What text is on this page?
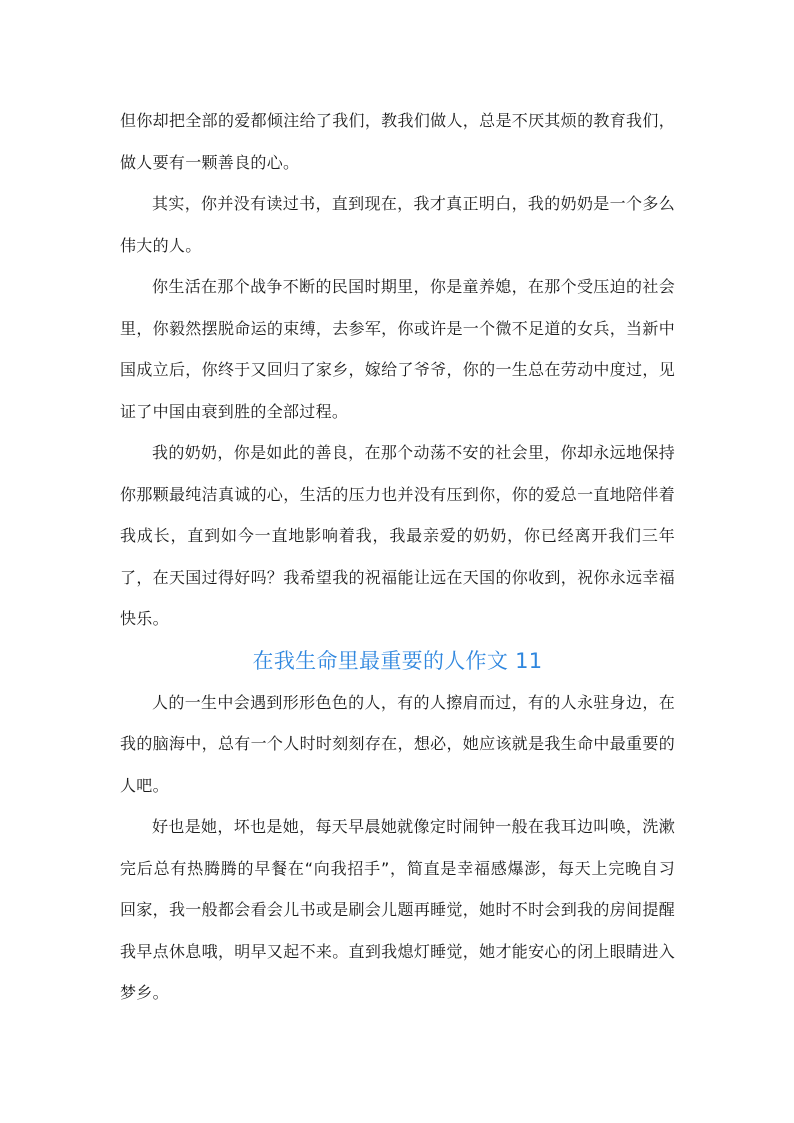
但你却把全部的爱都倾注给了我们，教我们做人，总是不厌其烦的教育我们，做人要有一颗善良的心。

其实，你并没有读过书，直到现在，我才真正明白，我的奶奶是一个多么伟大的人。

你生活在那个战争不断的民国时期里，你是童养媳，在那个受压迫的社会里，你毅然摆脱命运的束缚，去参军，你或许是一个微不足道的女兵，当新中国成立后，你终于又回归了家乡，嫁给了爷爷，你的一生总在劳动中度过，见证了中国由衰到胜的全部过程。

我的奶奶，你是如此的善良，在那个动荡不安的社会里，你却永远地保持你那颗最纯洁真诚的心，生活的压力也并没有压到你，你的爱总一直地陪伴着我成长，直到如今一直地影响着我，我最亲爱的奶奶，你已经离开我们三年了，在天国过得好吗？我希望我的祝福能让远在天国的你收到，祝你永远幸福快乐。

在我生命里最重要的人作文 11

人的一生中会遇到形形色色的人，有的人擦肩而过，有的人永驻身边，在我的脑海中，总有一个人时时刻刻存在，想必，她应该就是我生命中最重要的人吧。

好也是她，坏也是她，每天早晨她就像定时闹钟一般在我耳边叫唤，洗漱完后总有热腾腾的早餐在“向我招手”，简直是幸福感爆澎，每天上完晚自习回家，我一般都会看会儿书或是刷会儿题再睡觉，她时不时会到我的房间提醒我早点休息哦，明早又起不来。直到我熄灯睡觉，她才能安心的闭上眼睛进入梦乡。
